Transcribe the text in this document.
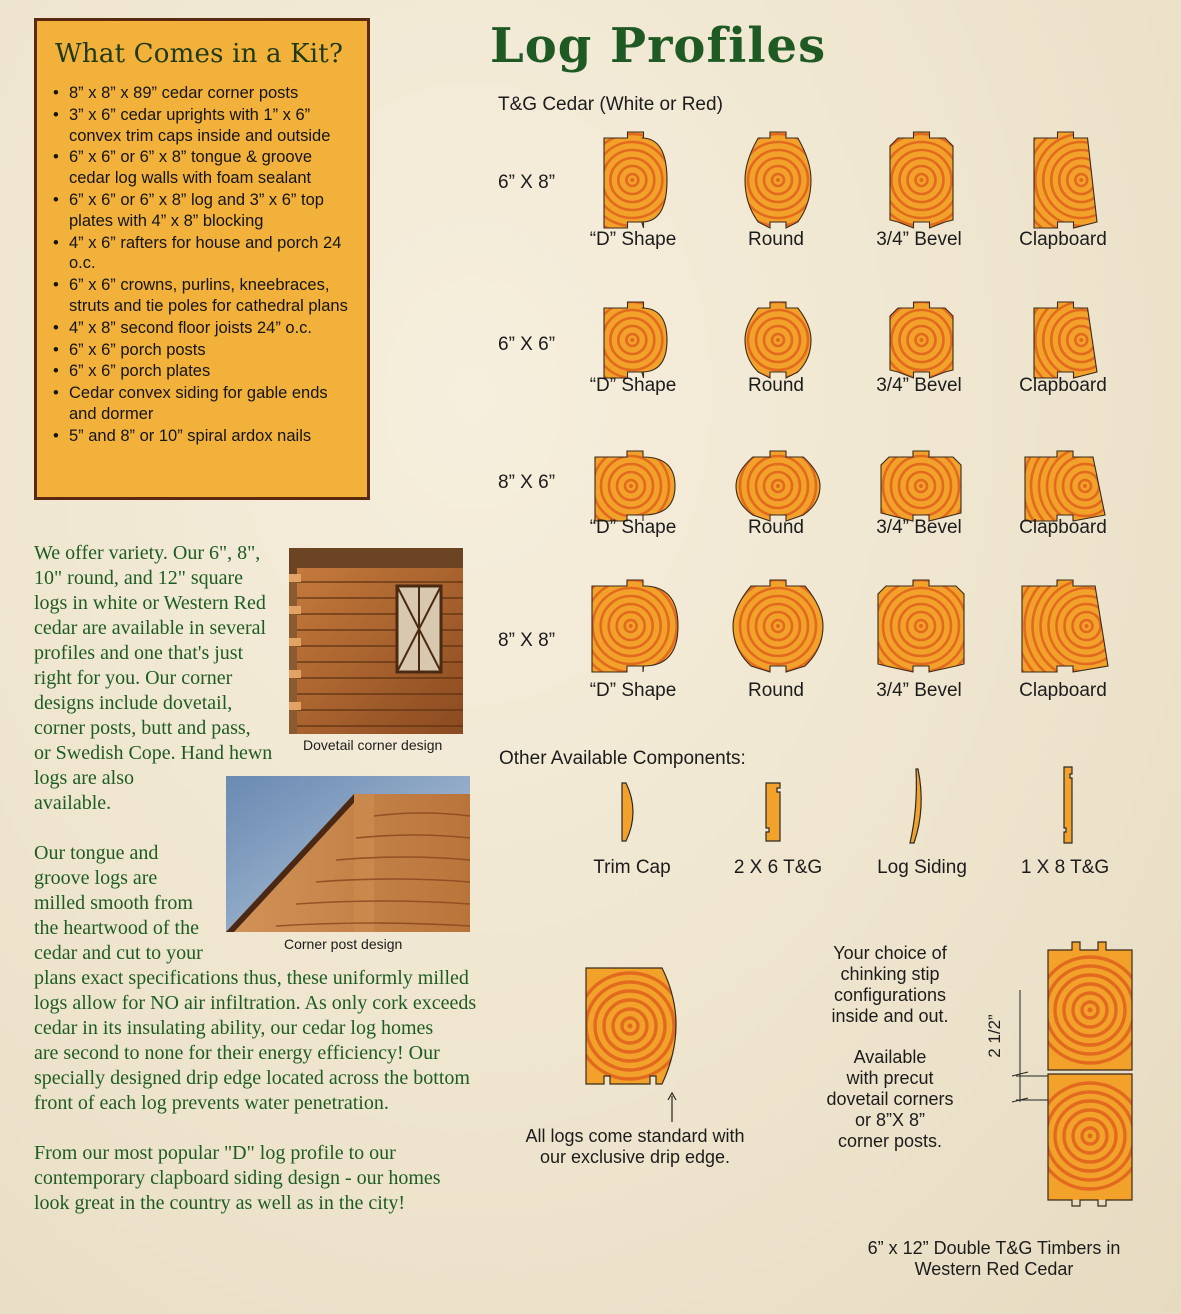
What Comes in a Kit?
• 8” x 8” x 89” cedar corner posts
• 3” x 6” cedar uprights with 1” x 6” convex trim caps inside and outside
• 6” x 6” or 6” x 8” tongue & groove cedar log walls with foam sealant
• 6” x 6” or 6” x 8” log and 3” x 6” top plates with 4” x 8” blocking
• 4” x 6” rafters for house and porch 24 o.c.
• 6” x 6” crowns, purlins, kneebraces, struts and tie poles for cathedral plans
• 4” x 8” second floor joists 24” o.c.
• 6” x 6” porch posts
• 6” x 6” porch plates
• Cedar convex siding for gable ends and dormer
• 5” and 8” or 10” spiral ardox nails
Log Profiles
T&G Cedar (White or Red)
6” X 8”
“D” Shape	Round	3/4” Bevel	Clapboard
6” X 6”
“D” Shape	Round	3/4” Bevel	Clapboard
8” X 6”
“D” Shape	Round	3/4” Bevel	Clapboard
8” X 8”
“D” Shape	Round	3/4” Bevel	Clapboard
We offer variety. Our 6", 8",
10" round, and 12" square
logs in white or Western Red
cedar are available in several
profiles and one that's just
right for you. Our corner
designs include dovetail,
corner posts, butt and pass,
or Swedish Cope. Hand hewn
logs are also
available.
Our tongue and
groove logs are
milled smooth from
the heartwood of the
cedar and cut to your
plans exact specifications thus, these uniformly milled
logs allow for NO air infiltration. As only cork exceeds
cedar in its insulating ability, our cedar log homes
are second to none for their energy efficiency! Our
specially designed drip edge located across the bottom
front of each log prevents water penetration.
From our most popular "D" log profile to our
contemporary clapboard siding design - our homes
look great in the country as well as in the city!
Dovetail corner design
Corner post design
Other Available Components:
Trim Cap	2 X 6 T&G	Log Siding	1 X 8 T&G
All logs come standard with
our exclusive drip edge.
Your choice of
chinking stip
configurations
inside and out.
Available
with precut
dovetail corners
or 8”X 8”
corner posts.
2 1/2”
6” x 12” Double T&G Timbers in
Western Red Cedar
